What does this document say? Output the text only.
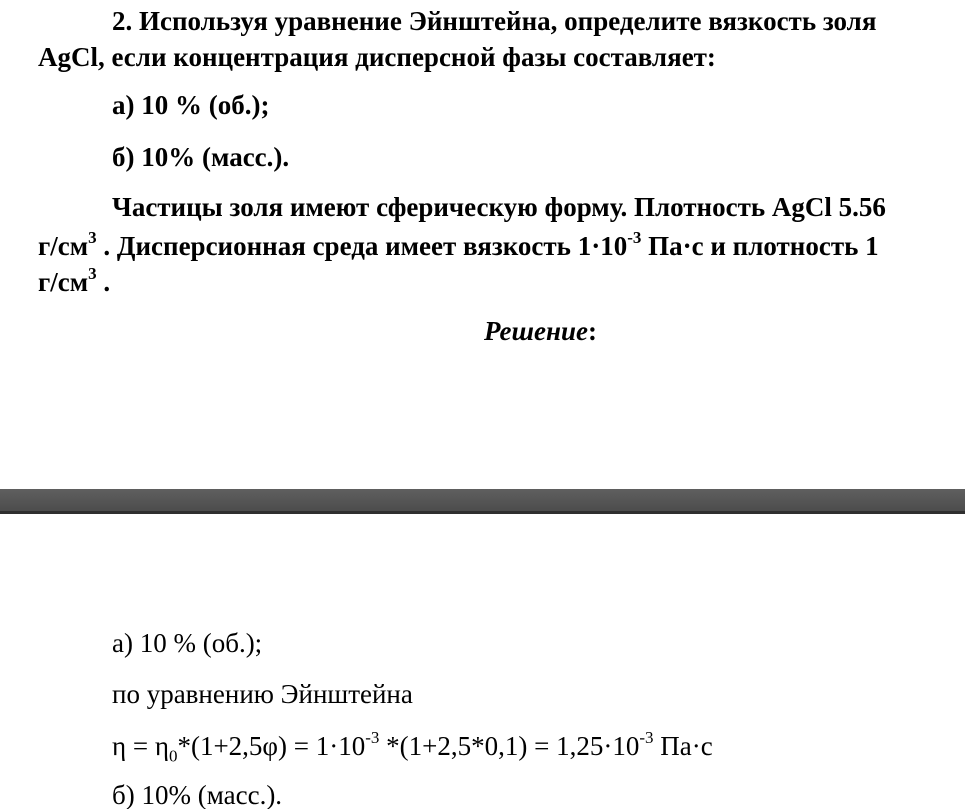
2. Используя уравнение Эйнштейна, определите вязкость золя
AgCl, если концентрация дисперсной фазы составляет:
а) 10 % (об.);
б) 10% (масс.).
Частицы золя имеют сферическую форму. Плотность AgCl 5.56
$г/см^3$ . Дисперсионная среда имеет вязкость $1\cdot 10^{-3}$ Па·с и плотность 1
$г/см^3$ .
Решение:
а) 10 % (об.);
по уравнению Эйнштейна
$\eta = \eta_0*(1+2,5\varphi) = 1\cdot 10^{-3}$ $*(1+2,5*0,1) = 1,25\cdot 10^{-3}$ Па·с
б) 10% (масс.).
